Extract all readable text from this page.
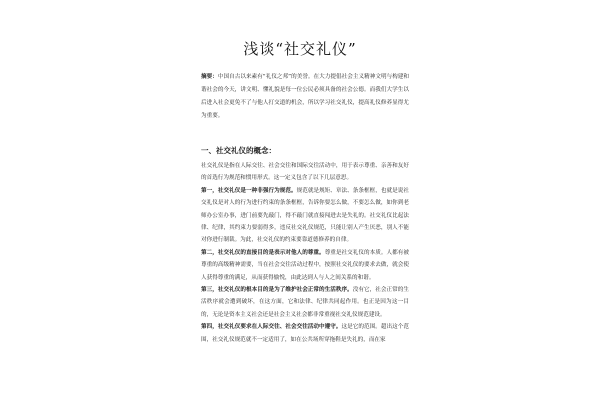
浅谈“社交礼仪”
摘要：中国自古以来素有“礼仪之邦”的美誉。在大力提倡社会主义精神文明与构建和谐社会的今天，讲文明、懂礼貌是每一位公民必须具备的社会公德。而我们大学生以后进入社会更免不了与他人打交道的机会，所以学习社交礼仪，提高礼仪修养显得尤为重要。
一、社交礼仪的概念：

社交礼仪是指在人际交往、社会交往和国际交往活动中，用于表示尊重、亲善和友好的首选行为规范和惯用形式。这一定义包含了以下几层意思。

第一，社交礼仪是一种非强行为规范。规范就是规矩、章法、条条框框，也就是说社交礼仪是对人的行为进行约束的条条框框，告诉你要怎么做，不要怎么做，如你到老师办公室办事，进门前要先敲门，得不敲门就直接闯进去是失礼的。社交礼仪比起法律、纪律，其约束力要弱得多，违反社交礼仪规范，只能让别人产生厌恶，别人不能对你进行制裁。为此，社交礼仪的约束要靠道德修养的自律。

第二，社交礼仪的直接目的是表示对他人的尊重。尊重是社交礼仪的本质。人都有被尊重的高级精神需要，当在社会交往活动过程中，按照社交礼仪的要求去做，就会使人获得尊重的满足，从而获得愉悦，由此达到人与人之间关系的和谐。

第三，社交礼仪的根本目的是为了维护社会正常的生活秩序。没有它，社会正常的生活秩序就会遭到破坏，在这方面，它和法律、纪律共同起作用。也正是因为这一目的，无论是资本主义社会还是社会主义社会都非常重视社交礼仪规范建设。

第四，社交礼仪要求在人际交往、社会交往活动中遵守。这是它的范围。超出这个范围，社交礼仪规范就不一定适用了，如在公共场所穿拖鞋是失礼的，而在家
